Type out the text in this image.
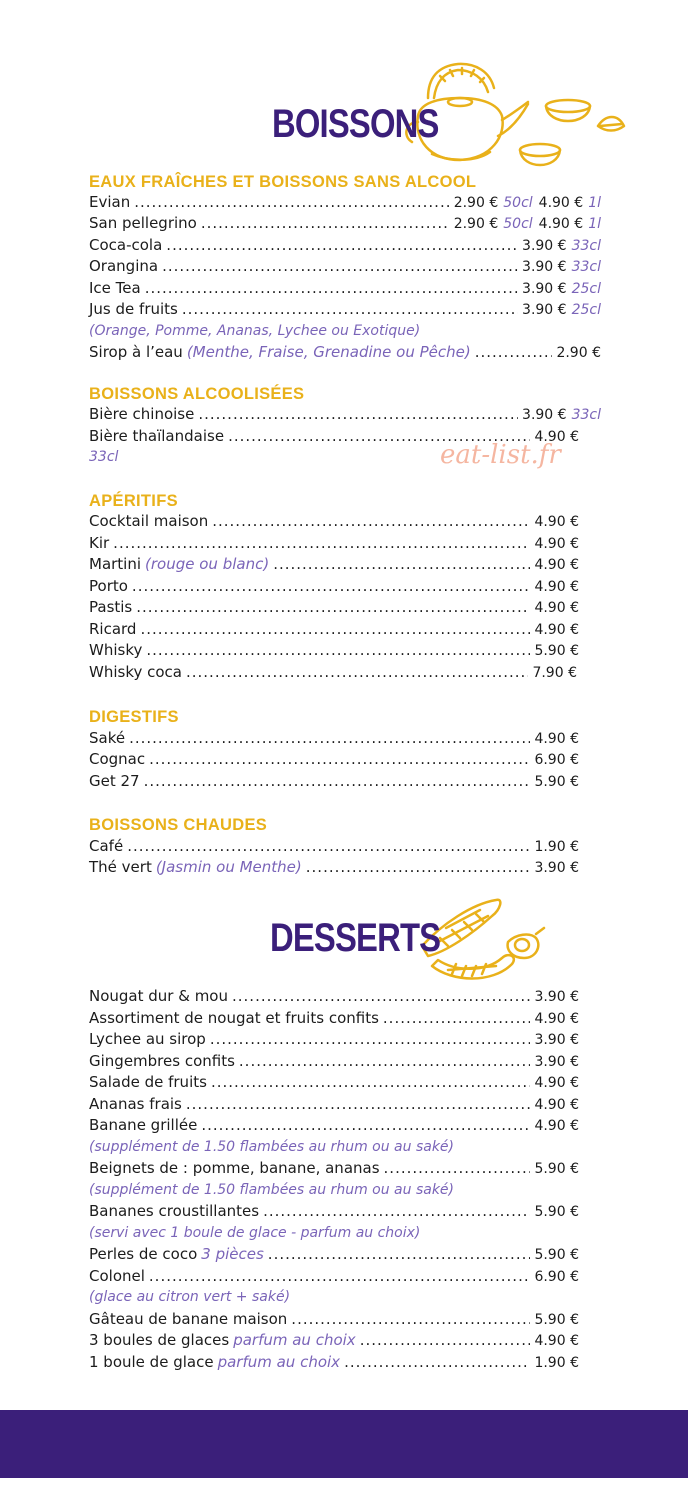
BOISSONS
DESSERTS
EAUX FRAÎCHES ET BOISSONS SANS ALCOOL
Evian .....	2.90 € 50cl 4.90 € 1l
San pellegrino .....	2.90 € 50cl 4.90 € 1l
Coca-cola .....	3.90 € 33cl
Orangina .....	3.90 € 33cl
Ice Tea .....	3.90 € 25cl
Jus de fruits .....	3.90 € 25cl
(Orange, Pomme, Ananas, Lychee ou Exotique)
Sirop à l’eau (Menthe, Fraise, Grenadine ou Pêche) .....	2.90 €
BOISSONS ALCOOLISÉES
Bière chinoise .....	3.90 € 33cl
Bière thaïlandaise .....	4.90 €
33cl	eat-list.fr
APÉRITIFS
Cocktail maison .....	4.90 €
Kir .....	4.90 €
Martini (rouge ou blanc) .....	4.90 €
Porto .....	4.90 €
Pastis .....	4.90 €
Ricard .....	4.90 €
Whisky .....	5.90 €
Whisky coca .....	7.90 €
DIGESTIFS
Saké .....	4.90 €
Cognac .....	6.90 €
Get 27 .....	5.90 €
BOISSONS CHAUDES
Café .....	1.90 €
Thé vert (Jasmin ou Menthe) .....	3.90 €
Nougat dur & mou .....	3.90 €
Assortiment de nougat et fruits confits .....	4.90 €
Lychee au sirop .....	3.90 €
Gingembres confits .....	3.90 €
Salade de fruits .....	4.90 €
Ananas frais .....	4.90 €
Banane grillée .....	4.90 €
(supplément de 1.50 flambées au rhum ou au saké)
Beignets de : pomme, banane, ananas .....	5.90 €
(supplément de 1.50 flambées au rhum ou au saké)
Bananes croustillantes .....	5.90 €
(servi avec 1 boule de glace - parfum au choix)
Perles de coco 3 pièces .....	5.90 €
Colonel .....	6.90 €
(glace au citron vert + saké)
Gâteau de banane maison .....	5.90 €
3 boules de glaces parfum au choix .....	4.90 €
1 boule de glace parfum au choix .....	1.90 €
